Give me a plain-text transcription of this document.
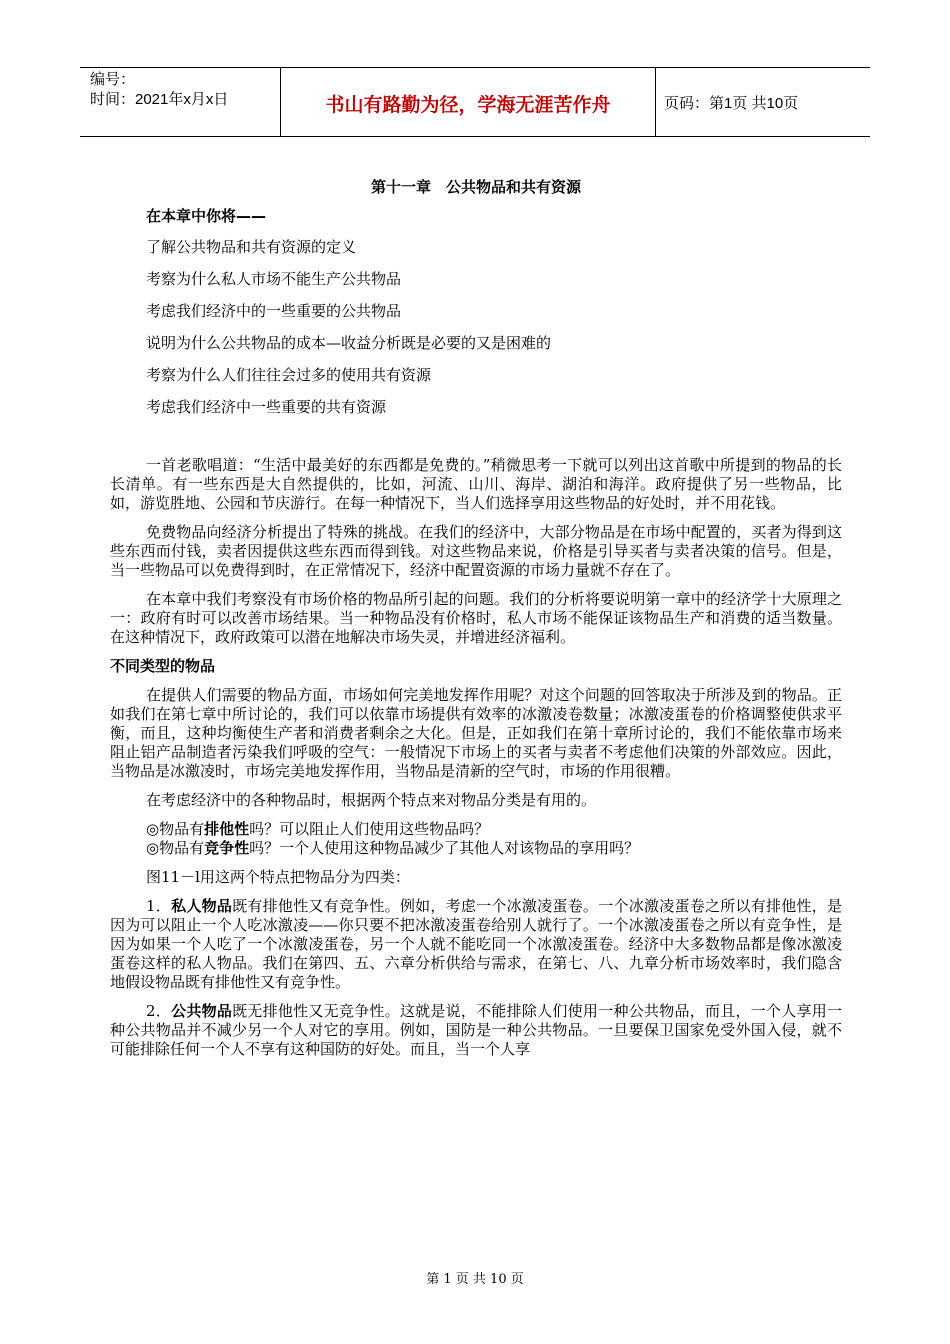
编号：
时间：2021年x月x日	书山有路勤为径，学海无涯苦作舟	页码：第1页 共10页
第十一章　公共物品和共有资源
在本章中你将——
了解公共物品和共有资源的定义
考察为什么私人市场不能生产公共物品
考虑我们经济中的一些重要的公共物品
说明为什么公共物品的成本—收益分析既是必要的又是困难的
考察为什么人们往往会过多的使用共有资源
考虑我们经济中一些重要的共有资源

一首老歌唱道：“生活中最美好的东西都是免费的。”稍微思考一下就可以列出这首歌中所提到的物品的长长清单。有一些东西是大自然提供的，比如，河流、山川、海岸、湖泊和海洋。政府提供了另一些物品，比如，游览胜地、公园和节庆游行。在每一种情况下，当人们选择享用这些物品的好处时，并不用花钱。

免费物品向经济分析提出了特殊的挑战。在我们的经济中，大部分物品是在市场中配置的，买者为得到这些东西而付钱，卖者因提供这些东西而得到钱。对这些物品来说，价格是引导买者与卖者决策的信号。但是，当一些物品可以免费得到时，在正常情况下，经济中配置资源的市场力量就不存在了。

在本章中我们考察没有市场价格的物品所引起的问题。我们的分析将要说明第一章中的经济学十大原理之一：政府有时可以改善市场结果。当一种物品没有价格时，私人市场不能保证该物品生产和消费的适当数量。在这种情况下，政府政策可以潜在地解决市场失灵，并增进经济福利。

不同类型的物品

在提供人们需要的物品方面，市场如何完美地发挥作用呢？对这个问题的回答取决于所涉及到的物品。正如我们在第七章中所讨论的，我们可以依靠市场提供有效率的冰激凌卷数量；冰激凌蛋卷的价格调整使供求平衡，而且，这种均衡使生产者和消费者剩余之大化。但是，正如我们在第十章所讨论的，我们不能依靠市场来阻止铝产品制造者污染我们呼吸的空气：一般情况下市场上的买者与卖者不考虑他们决策的外部效应。因此，当物品是冰激凌时，市场完美地发挥作用，当物品是清新的空气时，市场的作用很糟。

在考虑经济中的各种物品时，根据两个特点来对物品分类是有用的。

◎物品有排他性吗？可以阻止人们使用这些物品吗？

◎物品有竞争性吗？一个人使用这种物品减少了其他人对该物品的享用吗？

图11－l用这两个特点把物品分为四类：

1．私人物品既有排他性又有竞争性。例如，考虑一个冰激凌蛋卷。一个冰激凌蛋卷之所以有排他性，是因为可以阻止一个人吃冰激凌——你只要不把冰激凌蛋卷给别人就行了。一个冰激凌蛋卷之所以有竞争性，是因为如果一个人吃了一个冰激凌蛋卷，另一个人就不能吃同一个冰激凌蛋卷。经济中大多数物品都是像冰激凌蛋卷这样的私人物品。我们在第四、五、六章分析供给与需求，在第七、八、九章分析市场效率时，我们隐含地假设物品既有排他性又有竞争性。

2．公共物品既无排他性又无竞争性。这就是说，不能排除人们使用一种公共物品，而且，一个人享用一种公共物品并不减少另一个人对它的享用。例如，国防是一种公共物品。一旦要保卫国家免受外国入侵，就不可能排除任何一个人不享有这种国防的好处。而且，当一个人享

第 1 页 共 10 页
